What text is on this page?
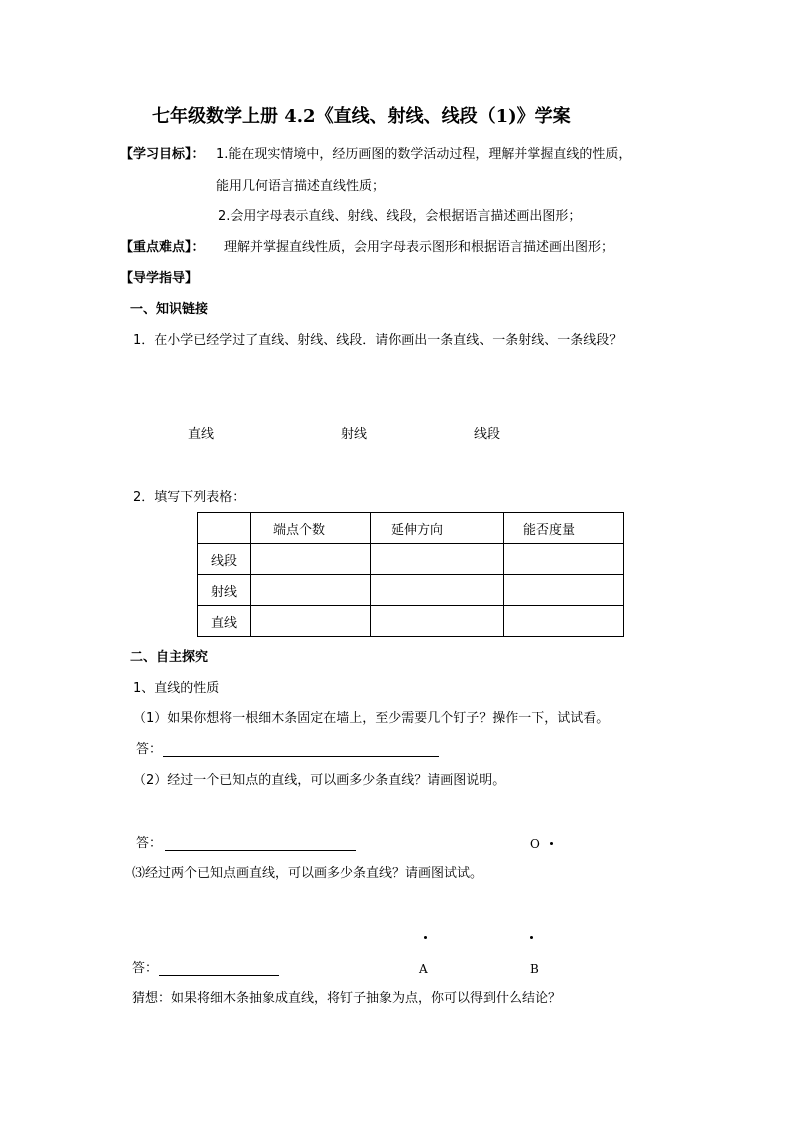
七年级数学上册 4.2《直线、射线、线段（1)》学案
【学习目标】： 1.能在现实情境中，经历画图的数学活动过程，理解并掌握直线的性质，
能用几何语言描述直线性质；
2.会用字母表示直线、射线、线段，会根据语言描述画出图形；
【重点难点】： 理解并掌握直线性质，会用字母表示图形和根据语言描述画出图形；
【导学指导】
一、知识链接
1．在小学已经学过了直线、射线、线段．请你画出一条直线、一条射线、一条线段？
直线	射线	线段
2．填写下列表格：
	端点个数	延伸方向	能否度量
线段			
射线			
直线			
二、自主探究
1、直线的性质
（1）如果你想将一根细木条固定在墙上，至少需要几个钉子？操作一下，试试看。
答：
（2）经过一个已知点的直线，可以画多少条直线？请画图说明。
答：	O
⑶经过两个已知点画直线，可以画多少条直线？请画图试试。
答：	A	B
猜想：如果将细木条抽象成直线，将钉子抽象为点，你可以得到什么结论？
